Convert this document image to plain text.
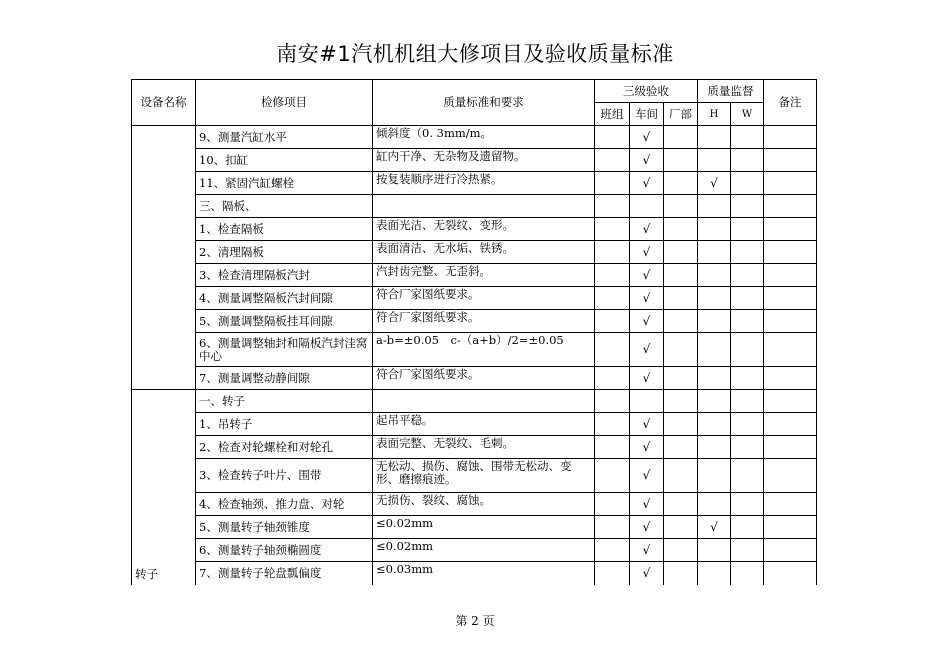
南安#1汽机机组大修项目及验收质量标准
设备名称	检修项目	质量标准和要求	三级验收			质量监督		备注
			班组	车间	厂部	H	W	
	9、测量汽缸水平	倾斜度（0. 3mm/m。		√				
	10、扣缸	缸内干净、无杂物及遗留物。		√				
	11、紧固汽缸螺栓	按复装顺序进行冷热紧。		√		√		
	三、隔板、							
	1、检查隔板	表面光洁、无裂纹、变形。		√				
	2、清理隔板	表面清洁、无水垢、铁锈。		√				
	3、检查清理隔板汽封	汽封齿完整、无歪斜。		√				
	4、测量调整隔板汽封间隙	符合厂家图纸要求。		√				
	5、测量调整隔板挂耳间隙	符合厂家图纸要求。		√				
	6、测量调整轴封和隔板汽封洼窝中心	a-b=±0.05　c-（a+b）/2=±0.05		√				
	7、测量调整动静间隙	符合厂家图纸要求。		√				
转子	一、转子							
	1、吊转子	起吊平稳。		√				
	2、检查对轮螺栓和对轮孔	表面完整、无裂纹、毛刺。		√				
	3、检查转子叶片、围带	无松动、损伤、腐蚀、围带无松动、变形、磨擦痕迹。		√				
	4、检查轴颈、推力盘、对轮	无损伤、裂纹、腐蚀。		√				
	5、测量转子轴颈锥度	≤0.02mm		√		√		
	6、测量转子轴颈椭圆度	≤0.02mm		√				
	7、测量转子轮盘瓢偏度	≤0.03mm		√				
第 2 页
